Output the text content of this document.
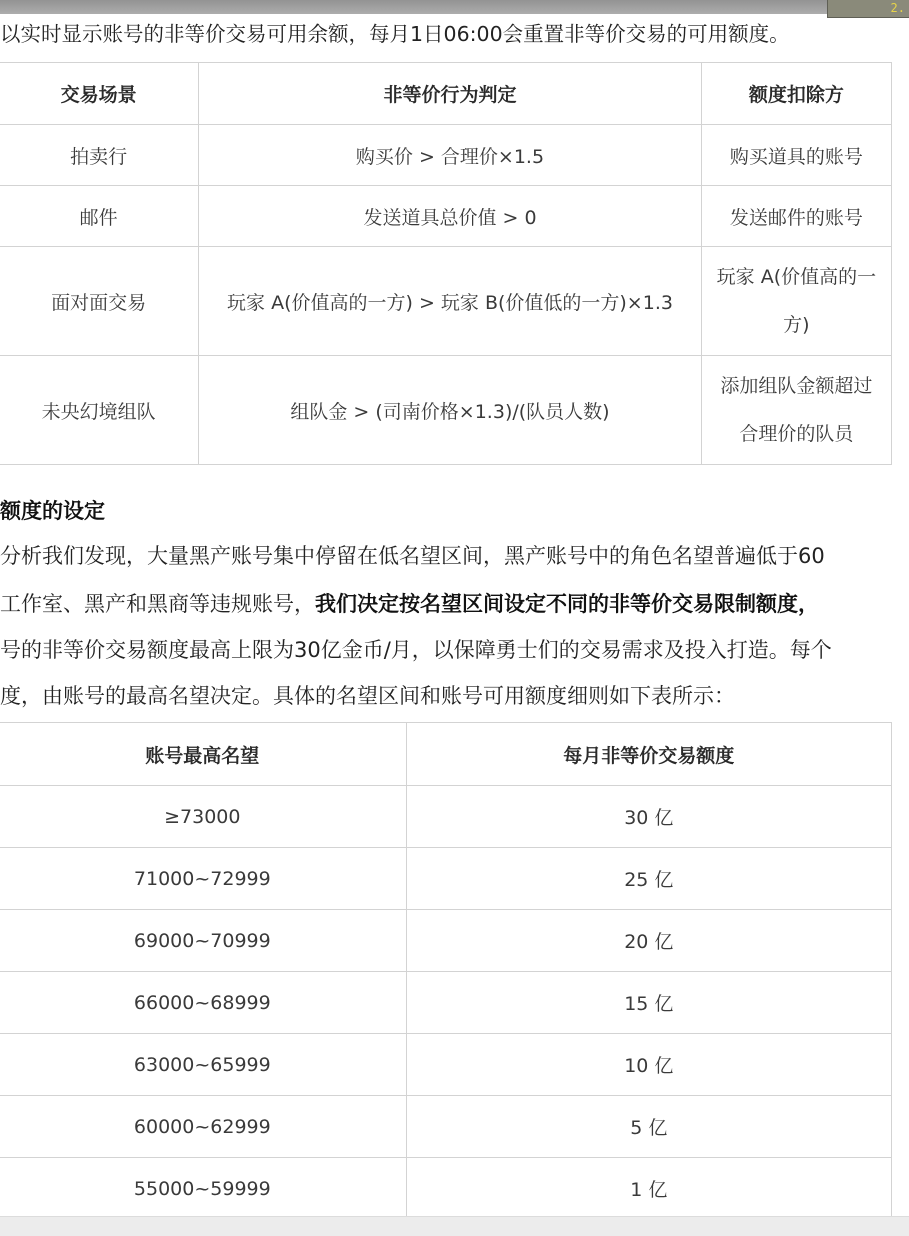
2.
以实时显示账号的非等价交易可用余额，每月1日06:00会重置非等价交易的可用额度。
交易场景	非等价行为判定	额度扣除方
拍卖行	购买价 > 合理价×1.5	购买道具的账号
邮件	发送道具总价值 > 0	发送邮件的账号
面对面交易	玩家 A(价值高的一方) > 玩家 B(价值低的一方)×1.3	玩家 A(价值高的一方)
未央幻境组队	组队金 > (司南价格×1.3)/(队员人数)	添加组队金额超过合理价的队员
额度的设定
分析我们发现，大量黑产账号集中停留在低名望区间，黑产账号中的角色名望普遍低于60
工作室、黑产和黑商等违规账号，我们决定按名望区间设定不同的非等价交易限制额度，
号的非等价交易额度最高上限为30亿金币/月，以保障勇士们的交易需求及投入打造。每个
度，由账号的最高名望决定。具体的名望区间和账号可用额度细则如下表所示：
账号最高名望	每月非等价交易额度
≥73000	30 亿
71000~72999	25 亿
69000~70999	20 亿
66000~68999	15 亿
63000~65999	10 亿
60000~62999	5 亿
55000~59999	1 亿
